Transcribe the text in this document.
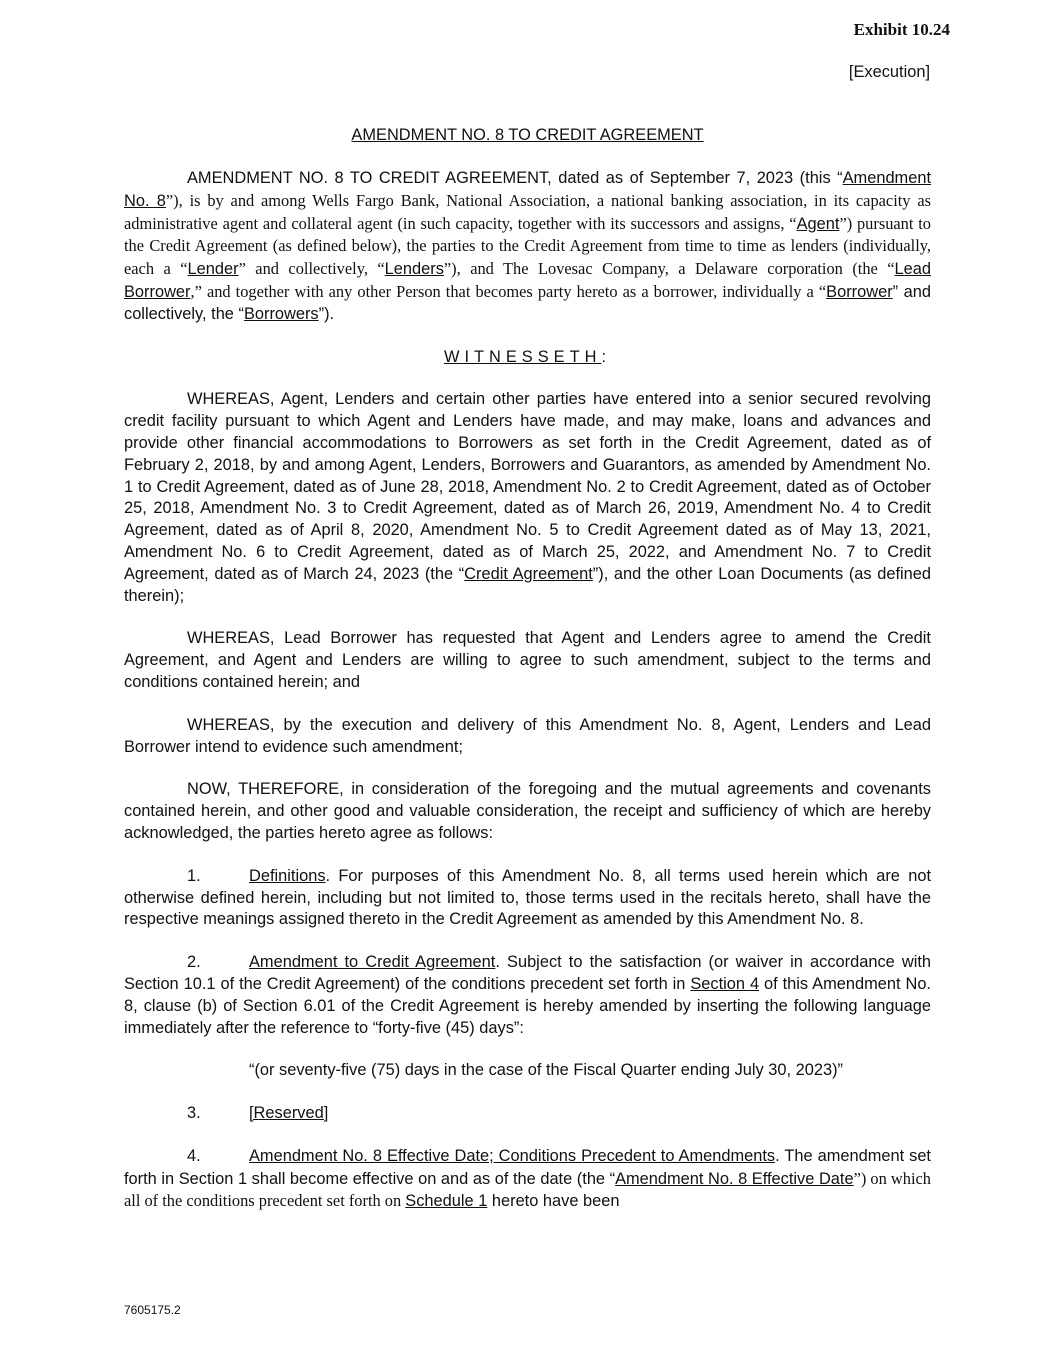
Exhibit 10.24
[Execution]
AMENDMENT NO. 8 TO CREDIT AGREEMENT

AMENDMENT NO. 8 TO CREDIT AGREEMENT, dated as of September 7, 2023 (this “Amendment No. 8”), is by and among Wells Fargo Bank, National Association, a national banking association, in its capacity as administrative agent and collateral agent (in such capacity, together with its successors and assigns, “Agent”) pursuant to the Credit Agreement (as defined below), the parties to the Credit Agreement from time to time as lenders (individually, each a “Lender” and collectively, “Lenders”), and The Lovesac Company, a Delaware corporation (the “Lead Borrower,” and together with any other Person that becomes party hereto as a borrower, individually a “Borrower” and collectively, the “Borrowers”).

WITNESSETH:

WHEREAS, Agent, Lenders and certain other parties have entered into a senior secured revolving credit facility pursuant to which Agent and Lenders have made, and may make, loans and advances and provide other financial accommodations to Borrowers as set forth in the Credit Agreement, dated as of February 2, 2018, by and among Agent, Lenders, Borrowers and Guarantors, as amended by Amendment No. 1 to Credit Agreement, dated as of June 28, 2018, Amendment No. 2 to Credit Agreement, dated as of October 25, 2018, Amendment No. 3 to Credit Agreement, dated as of March 26, 2019, Amendment No. 4 to Credit Agreement, dated as of April 8, 2020, Amendment No. 5 to Credit Agreement dated as of May 13, 2021, Amendment No. 6 to Credit Agreement, dated as of March 25, 2022, and Amendment No. 7 to Credit Agreement, dated as of March 24, 2023 (the “Credit Agreement”), and the other Loan Documents (as defined therein);

WHEREAS, Lead Borrower has requested that Agent and Lenders agree to amend the Credit Agreement, and Agent and Lenders are willing to agree to such amendment, subject to the terms and conditions contained herein; and

WHEREAS, by the execution and delivery of this Amendment No. 8, Agent, Lenders and Lead Borrower intend to evidence such amendment;

NOW, THEREFORE, in consideration of the foregoing and the mutual agreements and covenants contained herein, and other good and valuable consideration, the receipt and sufficiency of which are hereby acknowledged, the parties hereto agree as follows:

1.	Definitions. For purposes of this Amendment No. 8, all terms used herein which are not otherwise defined herein, including but not limited to, those terms used in the recitals hereto, shall have the respective meanings assigned thereto in the Credit Agreement as amended by this Amendment No. 8.

2.	Amendment to Credit Agreement. Subject to the satisfaction (or waiver in accordance with Section 10.1 of the Credit Agreement) of the conditions precedent set forth in Section 4 of this Amendment No. 8, clause (b) of Section 6.01 of the Credit Agreement is hereby amended by inserting the following language immediately after the reference to “forty-five (45) days”:

“(or seventy-five (75) days in the case of the Fiscal Quarter ending July 30, 2023)”

3.	[Reserved]

4.	Amendment No. 8 Effective Date; Conditions Precedent to Amendments. The amendment set forth in Section 1 shall become effective on and as of the date (the “Amendment No. 8 Effective Date”) on which all of the conditions precedent set forth on Schedule 1 hereto have been

7605175.2
